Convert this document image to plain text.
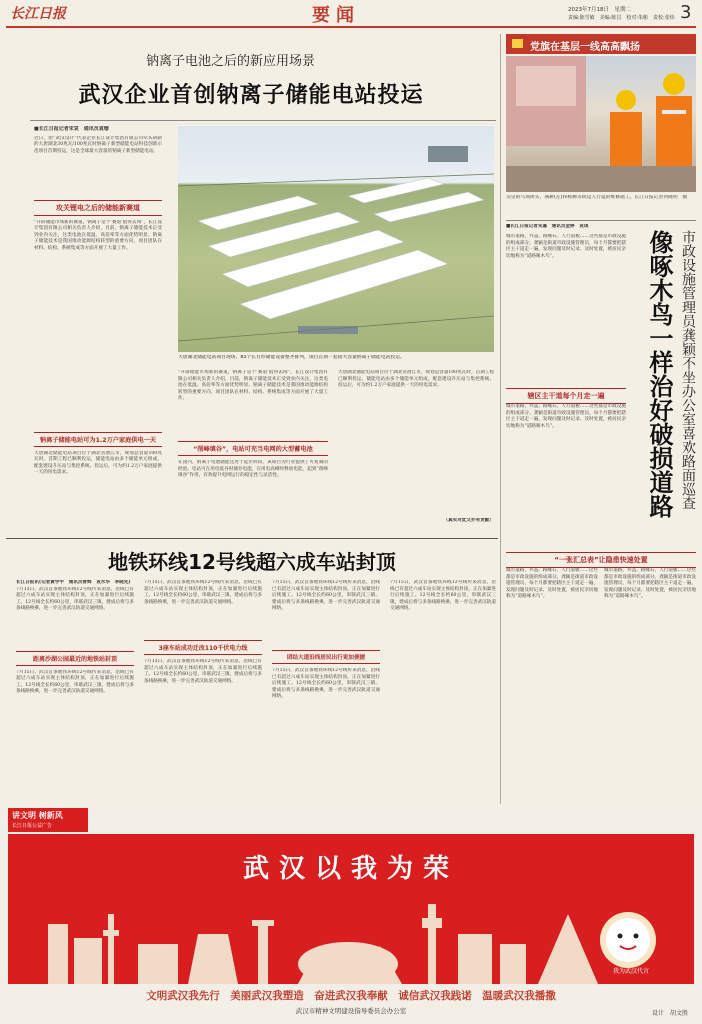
长江日报	要闻	2023年7月18日　星期二
责编:陈雪敏　美编:陈昌　校对:朱彬　责校:张炜 3
钠离子电池之后的新应用场景
武汉企业首创钠离子储能电站投运
■长江日报记者宋哀　通讯员袁珊
近日，由“武汉设计”代表企业长江设计集团有限公司牵头研制的大唐湖北30兆瓦/100兆瓦时钠离子新型储能电站科技创新示范项目首期投运，这是全球最大容量的钠离子新型储能电站。
攻关锂电之后的储能新赛道
“开辟储能市场新的赛道，钠离子是个‘赛道’值得去闯”，长江设计集团有限公司相关负责人介绍，目前，钠离子储能技术正受到业内关注，这类电池在低温、高倍率等方面优势明显。钠离子储能技术是我国推动能源结构转型的重要方向，项目团队在材料、结构、系统集成等方面开展了大量工作。
钠离子储能电站可为1.2万户家庭供电一天
大唐湖北储能电站项目位于湖北省潜江市，规划总容量100兆瓦时。首期工程已顺利投运，储能电站由多个储能单元组成，配套建设升压站与集控系统。投运后，可为约1.2万户家庭提供一天的用电需求。
大唐湖北储能电站项目现场，83个长方形储能设备整齐排列，项目首期一套接大容量钠离子储能电站投运。
“开辟储能市场新的赛道，钠离子是个‘赛道’值得去闯”，长江设计集团有限公司相关负责人介绍，目前，钠离子储能技术正受到业内关注，这类电池在低温、高倍率等方面优势明显。钠离子储能技术是我国推动能源结构转型的重要方向，项目团队在材料、结构、系统集成等方面开展了大量工作。
“削峰填谷”，电站可充当电网的大型蓄电池
在国内，钠离子电池储能还处于起步阶段，该项目为行业提供了可复制的经验。电站可在用电低谷时储存电能，在用电高峰时释放电能，起到“削峰填谷”作用，有效提升电网运行的稳定性与灵活性。
大唐湖北储能电站项目位于湖北省潜江市，规划总容量100兆瓦时。首期工程已顺利投运，储能电站由多个储能单元组成，配套建设升压站与集控系统。投运后，可为约1.2万户家庭提供一天的用电需求。
（真实对此文亦有贡献）
党旗在基层一线高高飘扬
吴皇街马场街头，满耕(左)和杨柳等街边人行道的维修施工。长江日报记者何晓明　摄
■长江日报记者宋嘉　通讯员金婷　袁琪
城市道路，井盖、路缘石、人行道板……这些都是市政设施的组成部分。龚颖是街道市政设施管理员，每个月都要把辖区主干道走一遍，发现问题及时记录、及时处置，被居民亲切地称为“道路啄木鸟”。
辖区主干道每个月走一遍
城市道路，井盖、路缘石、人行道板……这些都是市政设施的组成部分。龚颖是街道市政设施管理员，每个月都要把辖区主干道走一遍，发现问题及时记录、及时处置，被居民亲切地称为“道路啄木鸟”。	市政设施管理员龚颖不坐办公室喜欢路面巡查
像啄木鸟一样治好破损道路
“一张汇总表”让隐患快速处置
城市道路，井盖、路缘石、人行道板……这些都是市政设施的组成部分。龚颖是街道市政设施管理员，每个月都要把辖区主干道走一遍，发现问题及时记录、及时处置，被居民亲切地称为“道路啄木鸟”。
城市道路，井盖、路缘石、人行道板……这些都是市政设施的组成部分。龚颖是街道市政设施管理员，每个月都要把辖区主干道走一遍，发现问题及时记录、及时处置，被居民亲切地称为“道路啄木鸟”。
地铁环线12号线超六成车站封顶
长江日报讯(记者黄学宇　通讯员曾辉　袁水华　李晓先)
7月15日，武汉首条地铁环线12号线传来消息，沿线已有超过六成车站实现主体结构封顶，正在加紧进行后续施工。12号线全长约60公里，串联武汉三镇，建成后将与多条线路换乘，进一步完善武汉轨道交通网络。
距离沙湖公园最近的地铁站封顶
7月15日，武汉首条地铁环线12号线传来消息，沿线已有超过六成车站实现主体结构封顶，正在加紧进行后续施工。12号线全长约60公里，串联武汉三镇，建成后将与多条线路换乘，进一步完善武汉轨道交通网络。
7月15日，武汉首条地铁环线12号线传来消息，沿线已有超过六成车站实现主体结构封顶，正在加紧进行后续施工。12号线全长约60公里，串联武汉三镇，建成后将与多条线路换乘，进一步完善武汉轨道交通网络。
3座车站成功迁改110千伏电力线
7月15日，武汉首条地铁环线12号线传来消息，沿线已有超过六成车站实现主体结构封顶，正在加紧进行后续施工。12号线全长约60公里，串联武汉三镇，建成后将与多条线路换乘，进一步完善武汉轨道交通网络。
7月15日，武汉首条地铁环线12号线传来消息，沿线已有超过六成车站实现主体结构封顶，正在加紧进行后续施工。12号线全长约60公里，串联武汉三镇，建成后将与多条线路换乘，进一步完善武汉轨道交通网络。
团结大道沿线居民出行更加便捷
7月15日，武汉首条地铁环线12号线传来消息，沿线已有超过六成车站实现主体结构封顶，正在加紧进行后续施工。12号线全长约60公里，串联武汉三镇，建成后将与多条线路换乘，进一步完善武汉轨道交通网络。
7月15日，武汉首条地铁环线12号线传来消息，沿线已有超过六成车站实现主体结构封顶，正在加紧进行后续施工。12号线全长约60公里，串联武汉三镇，建成后将与多条线路换乘，进一步完善武汉轨道交通网络。
讲文明 树新风
长江日报公益广告
武汉以我为荣
我为武汉代言
文明武汉我先行　美丽武汉我塑造　奋进武汉我奉献　诚信武汉我践诺　温暖武汉我播撒
武汉市精神文明建设指导委员会办公室	设计　胡文胜
